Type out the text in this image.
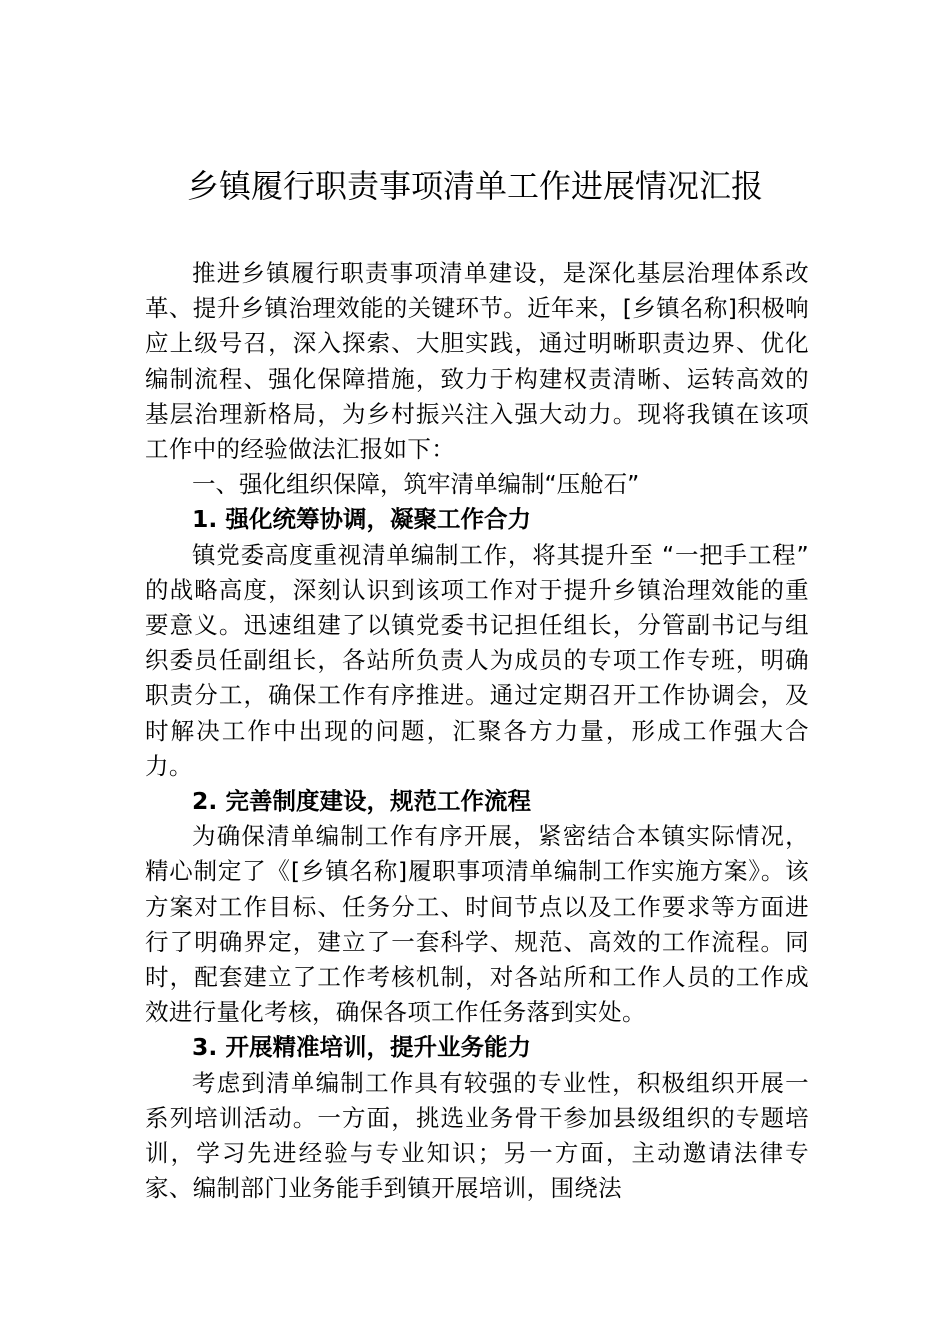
乡镇履行职责事项清单工作进展情况汇报

推进乡镇履行职责事项清单建设，是深化基层治理体系改革、提升乡镇治理效能的关键环节。近年来，[乡镇名称]积极响应上级号召，深入探索、大胆实践，通过明晰职责边界、优化编制流程、强化保障措施，致力于构建权责清晰、运转高效的基层治理新格局，为乡村振兴注入强大动力。现将我镇在该项工作中的经验做法汇报如下：

一、强化组织保障，筑牢清单编制“压舱石”

1. 强化统筹协调，凝聚工作合力

镇党委高度重视清单编制工作，将其提升至 “一把手工程” 的战略高度，深刻认识到该项工作对于提升乡镇治理效能的重要意义。迅速组建了以镇党委书记担任组长，分管副书记与组织委员任副组长，各站所负责人为成员的专项工作专班，明确职责分工，确保工作有序推进。通过定期召开工作协调会，及时解决工作中出现的问题，汇聚各方力量，形成工作强大合力。

2. 完善制度建设，规范工作流程

为确保清单编制工作有序开展，紧密结合本镇实际情况，精心制定了《[乡镇名称]履职事项清单编制工作实施方案》。该方案对工作目标、任务分工、时间节点以及工作要求等方面进行了明确界定，建立了一套科学、规范、高效的工作流程。同时，配套建立了工作考核机制，对各站所和工作人员的工作成效进行量化考核，确保各项工作任务落到实处。

3. 开展精准培训，提升业务能力

考虑到清单编制工作具有较强的专业性，积极组织开展一系列培训活动。一方面，挑选业务骨干参加县级组织的专题培训，学习先进经验与专业知识；另一方面，主动邀请法律专家、编制部门业务能手到镇开展培训，围绕法
